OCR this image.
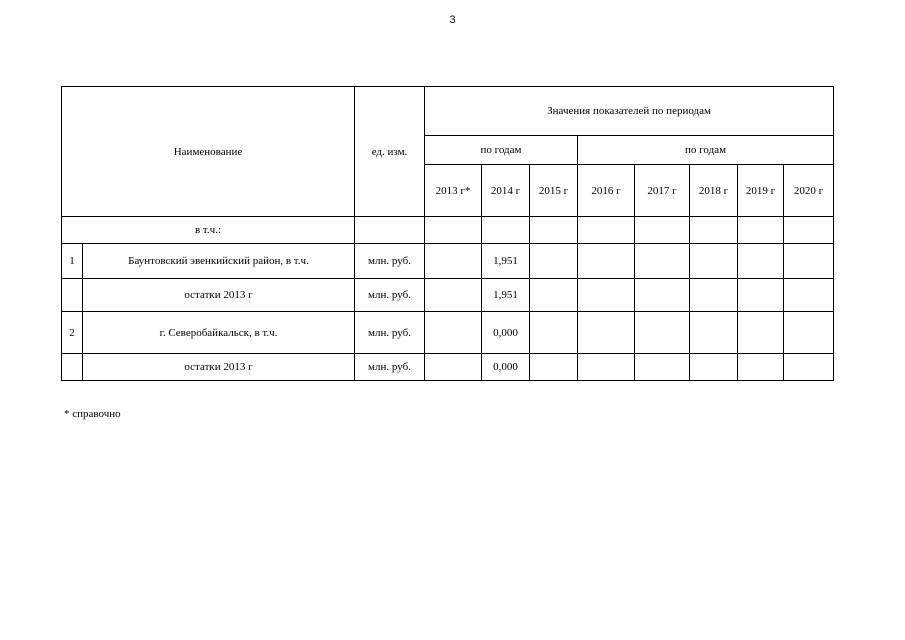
3
Наименование		ед. изм.	Значения показателей по периодам							
			по годам			по годам				
			2013 г*	2014 г	2015 г	2016 г	2017 г	2018 г	2019 г	2020 г
в т.ч.:										
1	Баунтовский эвенкийский район, в т.ч.	млн. руб.		1,951						
	остатки 2013 г	млн. руб.		1,951						
2	г. Северобайкальск, в т.ч.	млн. руб.		0,000						
	остатки 2013 г	млн. руб.		0,000						
* справочно
